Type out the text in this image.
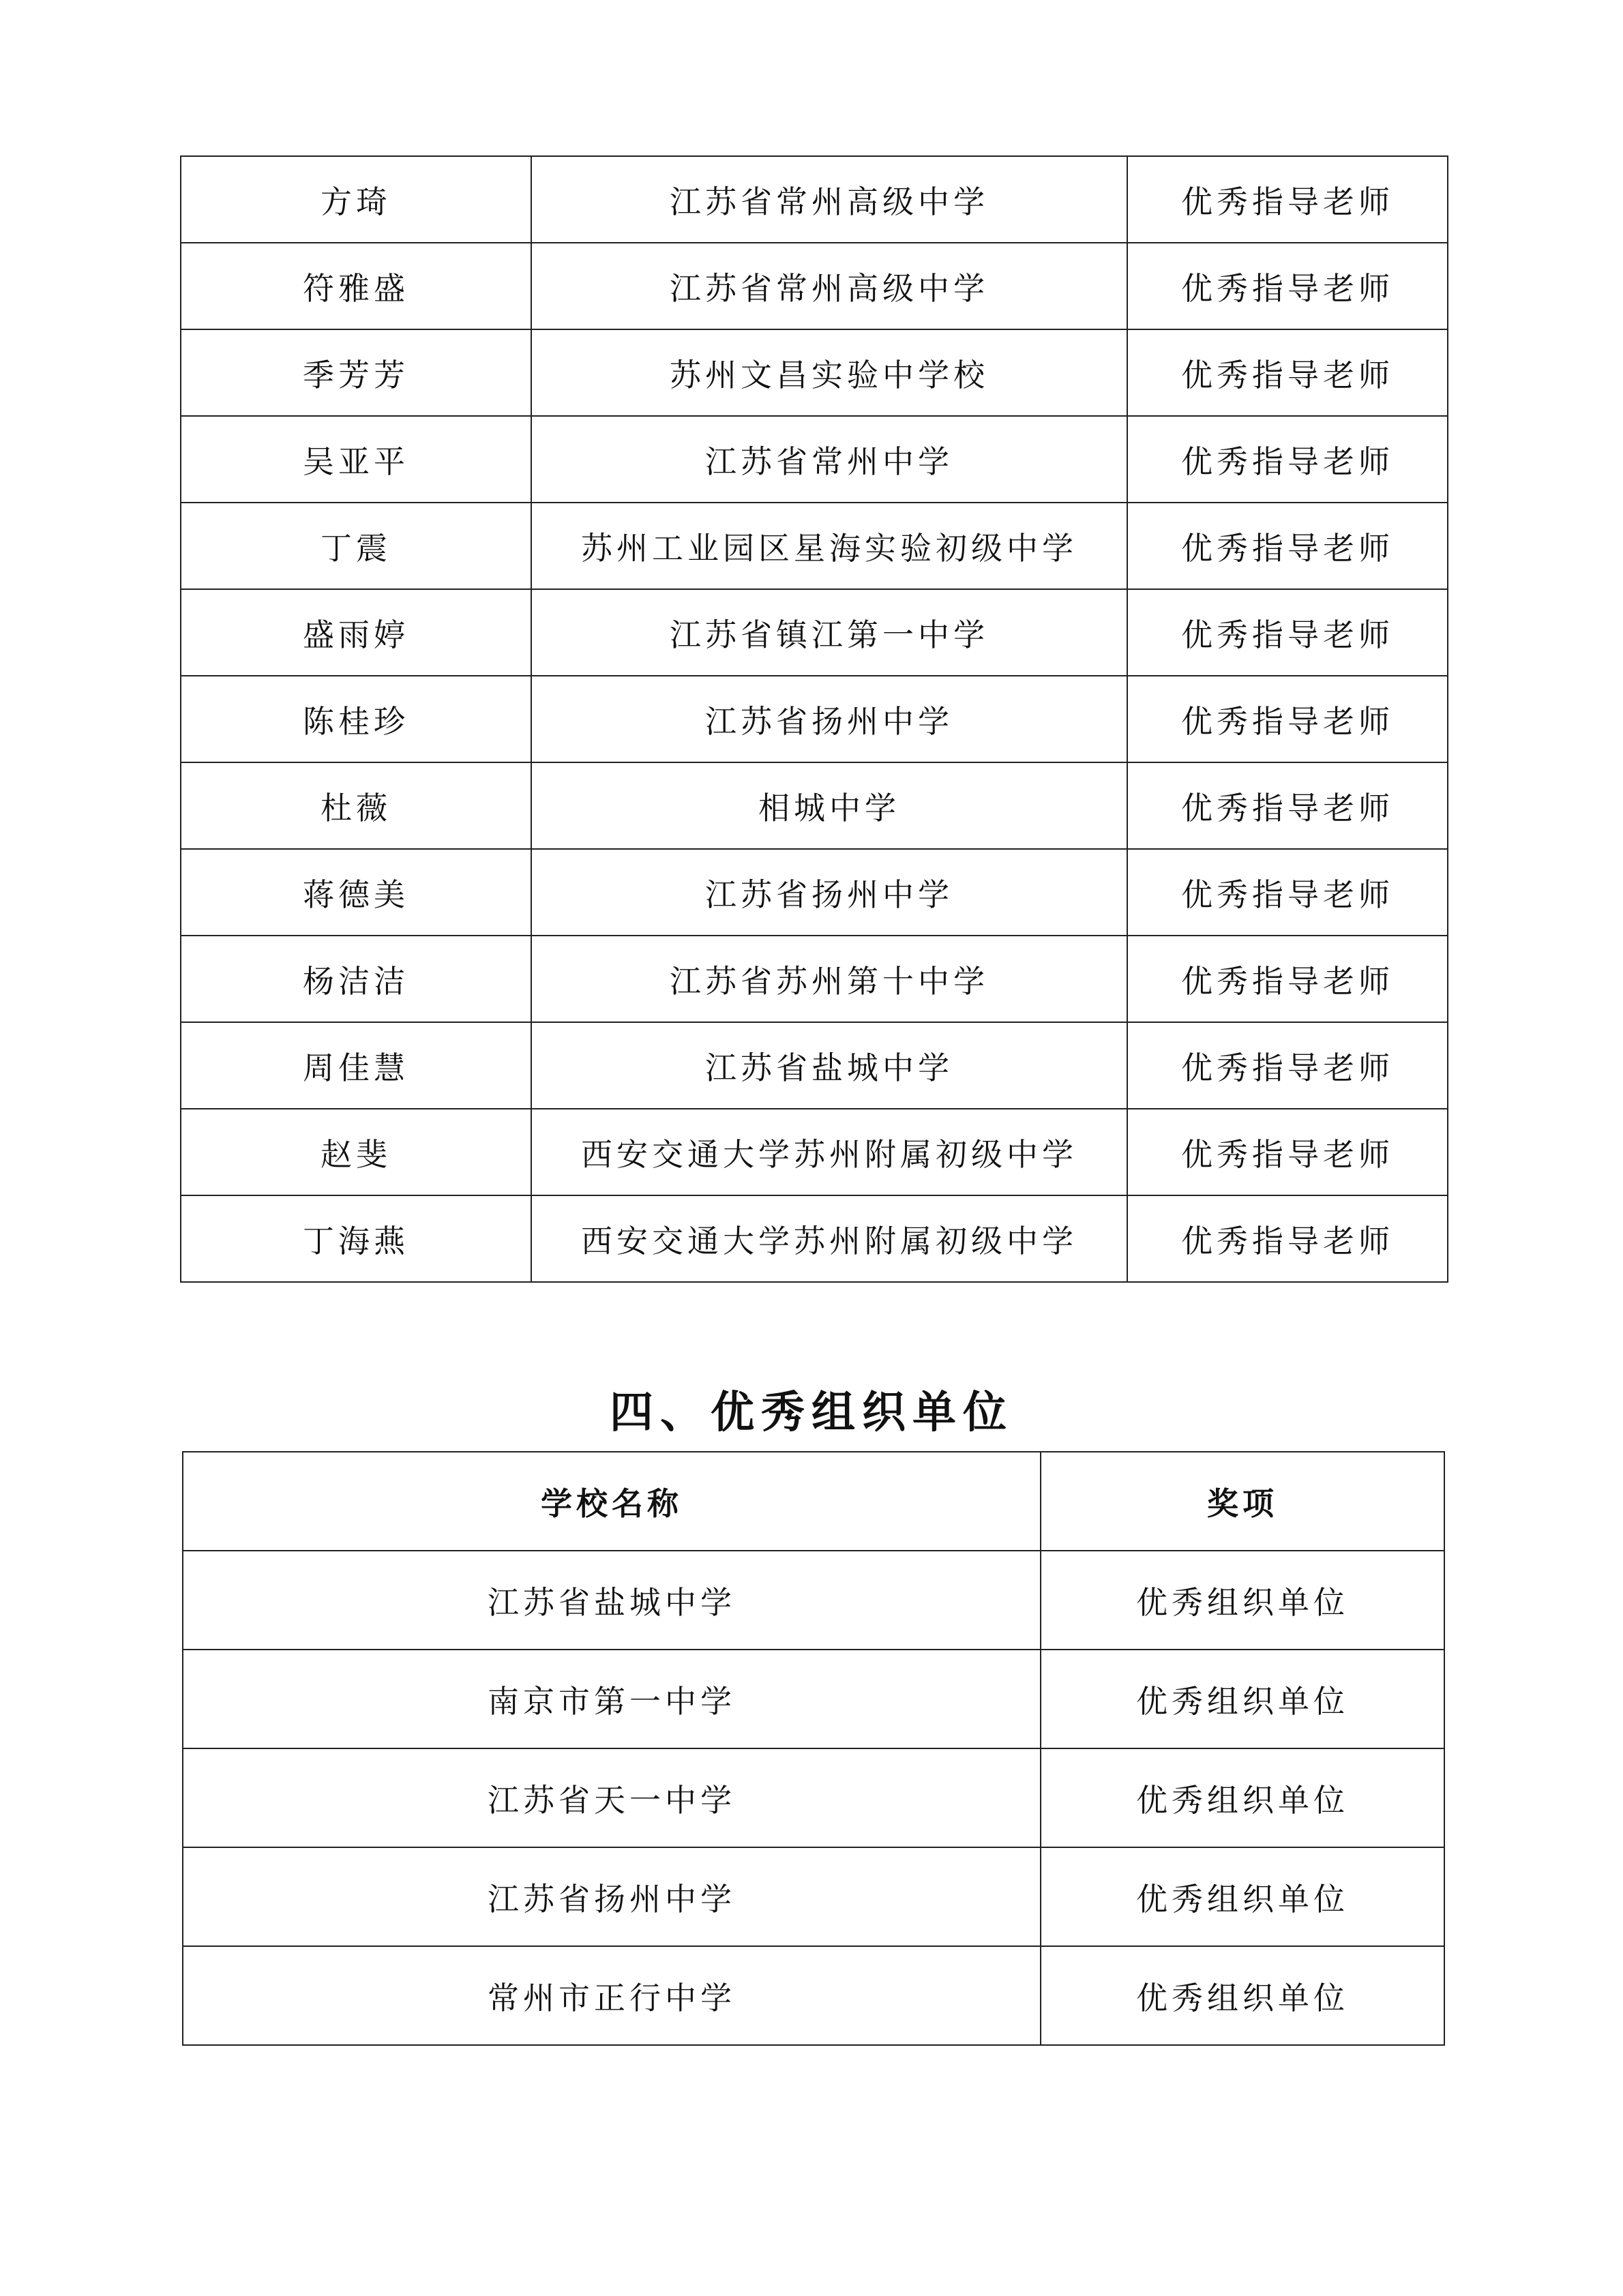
方琦	江苏省常州高级中学	优秀指导老师
符雅盛	江苏省常州高级中学	优秀指导老师
季芳芳	苏州文昌实验中学校	优秀指导老师
吴亚平	江苏省常州中学	优秀指导老师
丁震	苏州工业园区星海实验初级中学	优秀指导老师
盛雨婷	江苏省镇江第一中学	优秀指导老师
陈桂珍	江苏省扬州中学	优秀指导老师
杜薇	相城中学	优秀指导老师
蒋德美	江苏省扬州中学	优秀指导老师
杨洁洁	江苏省苏州第十中学	优秀指导老师
周佳慧	江苏省盐城中学	优秀指导老师
赵斐	西安交通大学苏州附属初级中学	优秀指导老师
丁海燕	西安交通大学苏州附属初级中学	优秀指导老师
四、优秀组织单位
学校名称	奖项
江苏省盐城中学	优秀组织单位
南京市第一中学	优秀组织单位
江苏省天一中学	优秀组织单位
江苏省扬州中学	优秀组织单位
常州市正行中学	优秀组织单位
